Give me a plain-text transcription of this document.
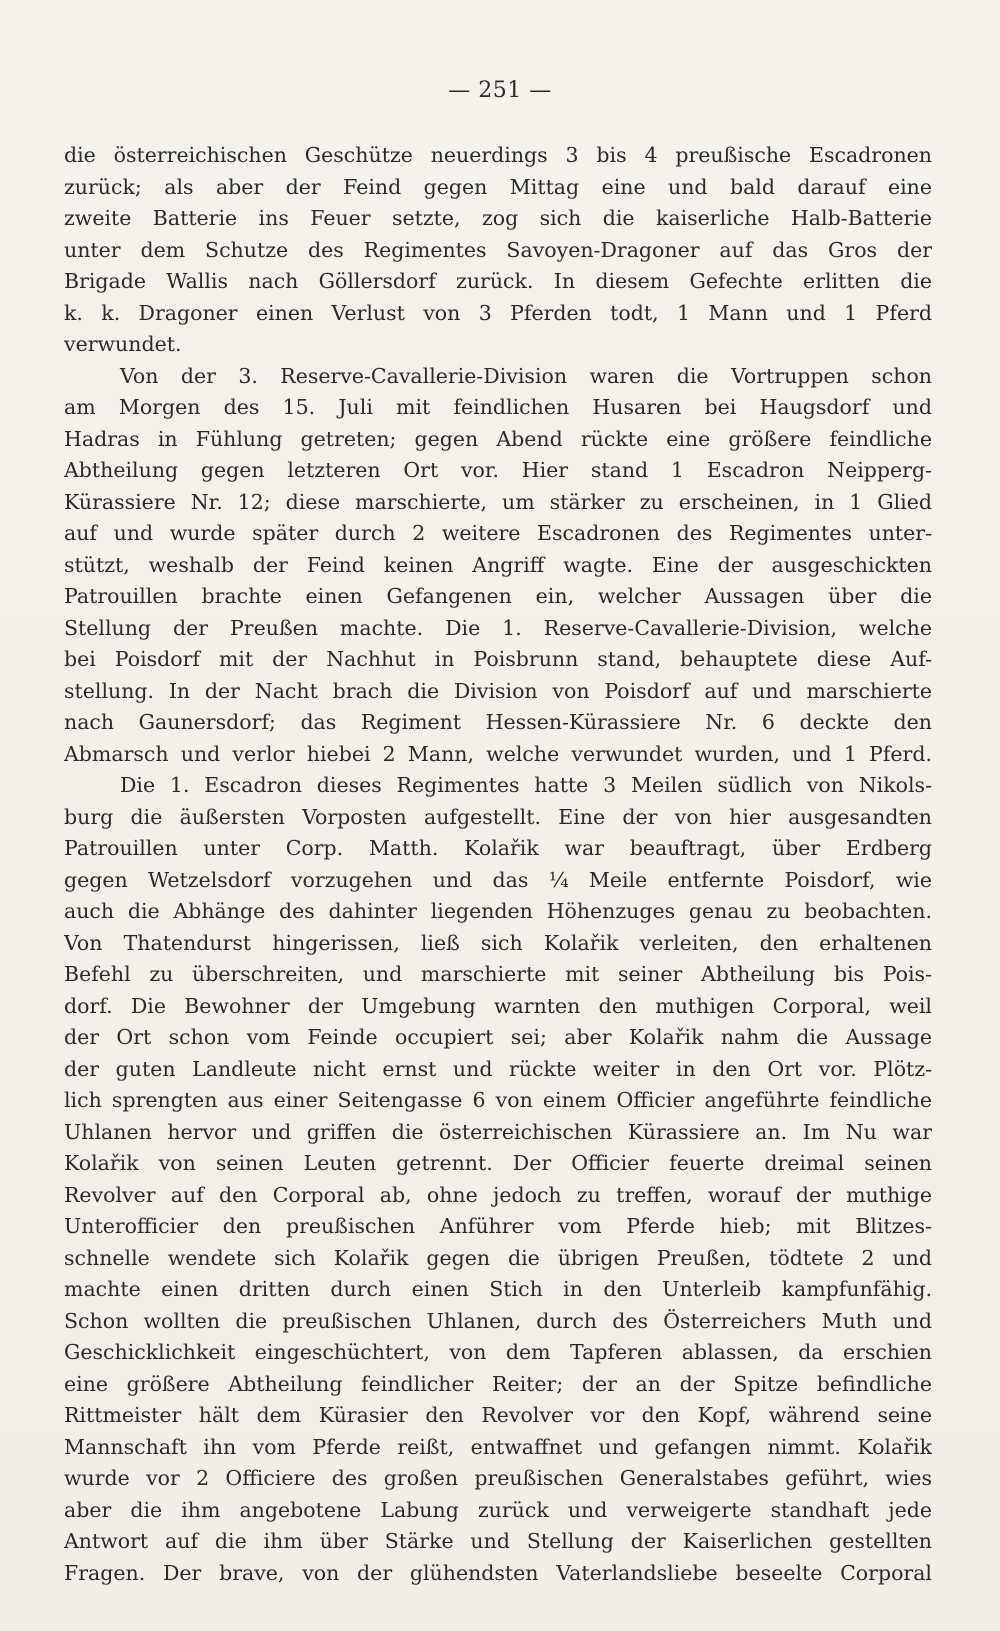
— 251 —
die österreichischen Geschütze neuerdings 3 bis 4 preußische Escadronen
zurück; als aber der Feind gegen Mittag eine und bald darauf eine
zweite Batterie ins Feuer setzte, zog sich die kaiserliche Halb-Batterie
unter dem Schutze des Regimentes Savoyen-Dragoner auf das Gros der
Brigade Wallis nach Göllersdorf zurück. In diesem Gefechte erlitten die
k. k. Dragoner einen Verlust von 3 Pferden todt, 1 Mann und 1 Pferd
verwundet.
Von der 3. Reserve-Cavallerie-Division waren die Vortruppen schon
am Morgen des 15. Juli mit feindlichen Husaren bei Haugsdorf und
Hadras in Fühlung getreten; gegen Abend rückte eine größere feindliche
Abtheilung gegen letzteren Ort vor. Hier stand 1 Escadron Neipperg-
Kürassiere Nr. 12; diese marschierte, um stärker zu erscheinen, in 1 Glied
auf und wurde später durch 2 weitere Escadronen des Regimentes unter-
stützt, weshalb der Feind keinen Angriff wagte. Eine der ausgeschickten
Patrouillen brachte einen Gefangenen ein, welcher Aussagen über die
Stellung der Preußen machte. Die 1. Reserve-Cavallerie-Division, welche
bei Poisdorf mit der Nachhut in Poisbrunn stand, behauptete diese Auf-
stellung. In der Nacht brach die Division von Poisdorf auf und marschierte
nach Gaunersdorf; das Regiment Hessen-Kürassiere Nr. 6 deckte den
Abmarsch und verlor hiebei 2 Mann, welche verwundet wurden, und 1 Pferd.
Die 1. Escadron dieses Regimentes hatte 3 Meilen südlich von Nikols-
burg die äußersten Vorposten aufgestellt. Eine der von hier ausgesandten
Patrouillen unter Corp. Matth. Kolařik war beauftragt, über Erdberg
gegen Wetzelsdorf vorzugehen und das ¼ Meile entfernte Poisdorf, wie
auch die Abhänge des dahinter liegenden Höhenzuges genau zu beobachten.
Von Thatendurst hingerissen, ließ sich Kolařik verleiten, den erhaltenen
Befehl zu überschreiten, und marschierte mit seiner Abtheilung bis Pois-
dorf. Die Bewohner der Umgebung warnten den muthigen Corporal, weil
der Ort schon vom Feinde occupiert sei; aber Kolařik nahm die Aussage
der guten Landleute nicht ernst und rückte weiter in den Ort vor. Plötz-
lich sprengten aus einer Seitengasse 6 von einem Officier angeführte feindliche
Uhlanen hervor und griffen die österreichischen Kürassiere an. Im Nu war
Kolařik von seinen Leuten getrennt. Der Officier feuerte dreimal seinen
Revolver auf den Corporal ab, ohne jedoch zu treffen, worauf der muthige
Unterofficier den preußischen Anführer vom Pferde hieb; mit Blitzes-
schnelle wendete sich Kolařik gegen die übrigen Preußen, tödtete 2 und
machte einen dritten durch einen Stich in den Unterleib kampfunfähig.
Schon wollten die preußischen Uhlanen, durch des Österreichers Muth und
Geschicklichkeit eingeschüchtert, von dem Tapferen ablassen, da erschien
eine größere Abtheilung feindlicher Reiter; der an der Spitze befindliche
Rittmeister hält dem Kürasier den Revolver vor den Kopf, während seine
Mannschaft ihn vom Pferde reißt, entwaffnet und gefangen nimmt. Kolařik
wurde vor 2 Officiere des großen preußischen Generalstabes geführt, wies
aber die ihm angebotene Labung zurück und verweigerte standhaft jede
Antwort auf die ihm über Stärke und Stellung der Kaiserlichen gestellten
Fragen. Der brave, von der glühendsten Vaterlandsliebe beseelte Corporal
